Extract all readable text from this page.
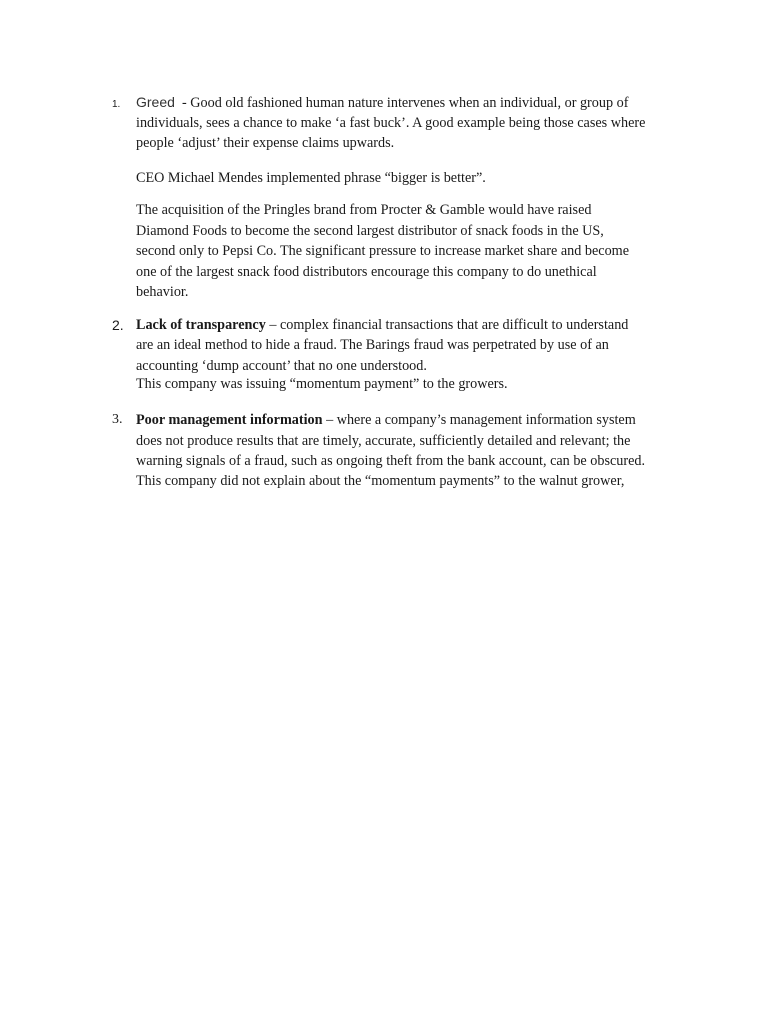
1. Greed  - Good old fashioned human nature intervenes when an individual, or group of
individuals, sees a chance to make ‘a fast buck’. A good example being those cases where
people ‘adjust’ their expense claims upwards.
CEO Michael Mendes implemented phrase “bigger is better”.
The acquisition of the Pringles brand from Procter & Gamble would have raised
Diamond Foods to become the second largest distributor of snack foods in the US,
second only to Pepsi Co. The significant pressure to increase market share and become
one of the largest snack food distributors encourage this company to do unethical
behavior.
2. Lack of transparency – complex financial transactions that are difficult to understand
are an ideal method to hide a fraud. The Barings fraud was perpetrated by use of an
accounting ‘dump account’ that no one understood.
This company was issuing “momentum payment” to the growers.
3. Poor management information – where a company’s management information system
does not produce results that are timely, accurate, sufficiently detailed and relevant; the
warning signals of a fraud, such as ongoing theft from the bank account, can be obscured.
This company did not explain about the “momentum payments” to the walnut grower,
